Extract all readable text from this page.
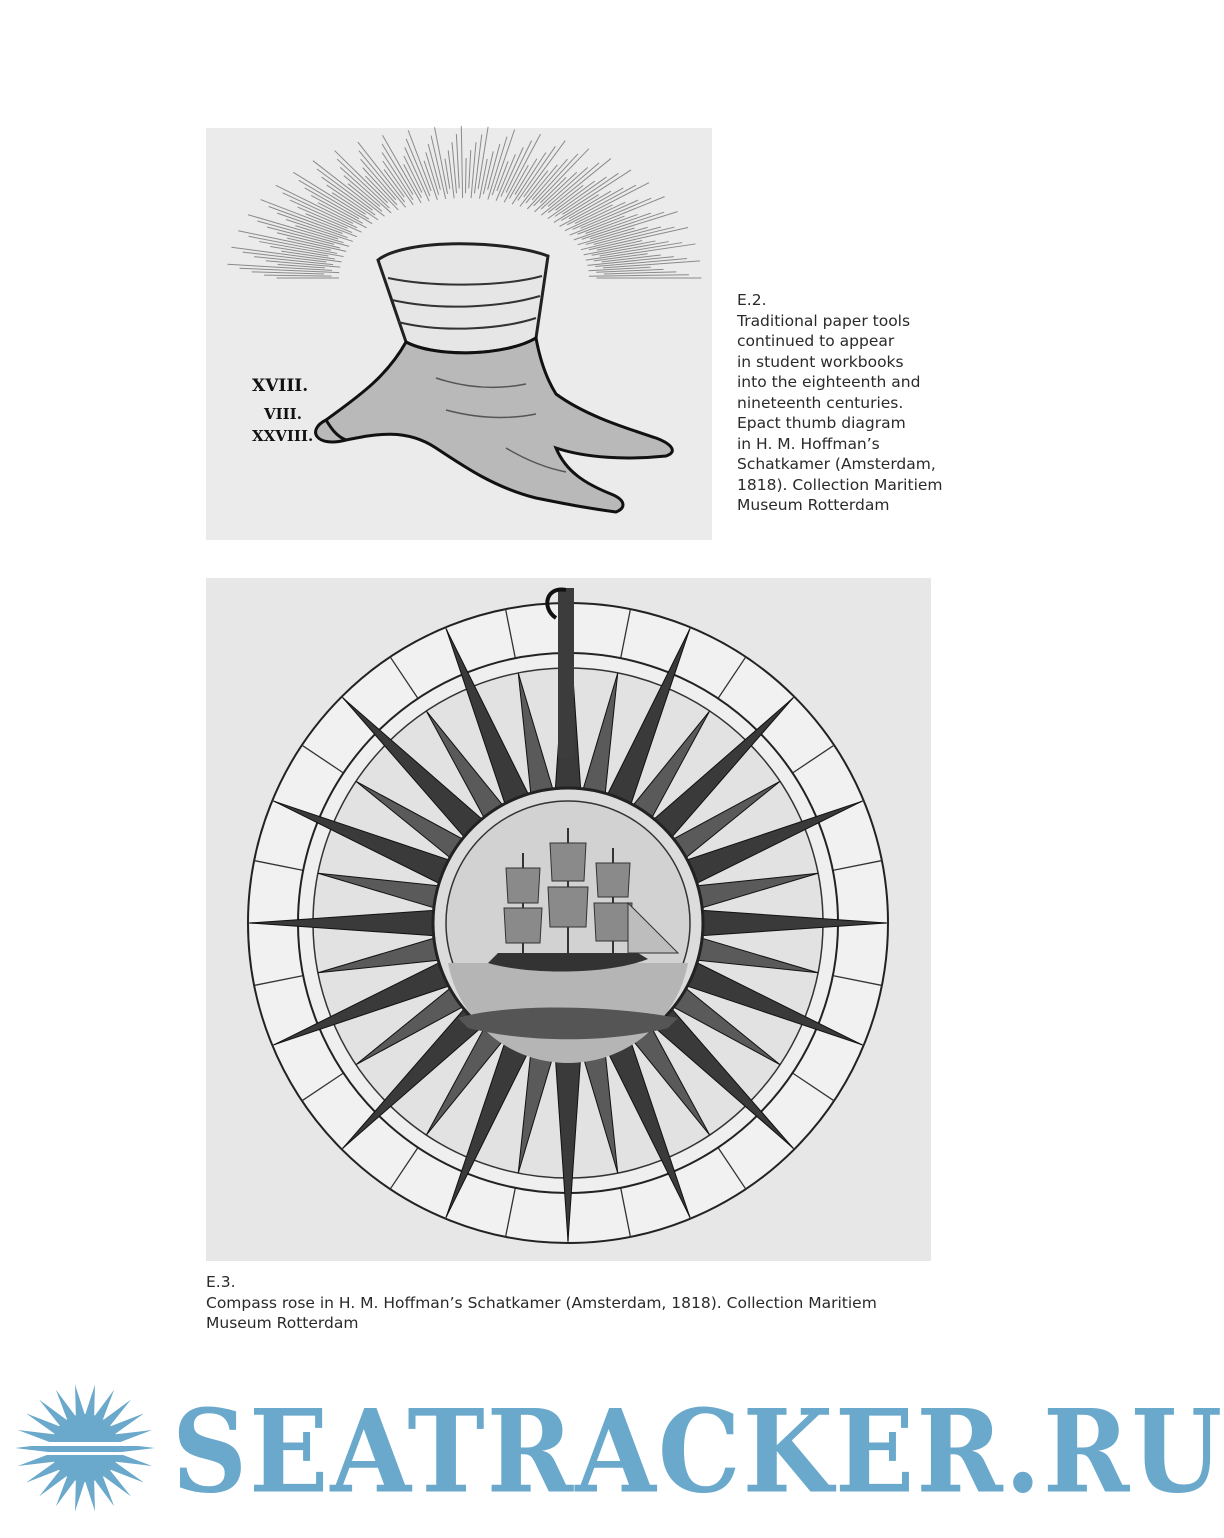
XVIII.
VIII.
XXVIII.
E.2.
Traditional paper tools
continued to appear
in student workbooks
into the eighteenth and
nineteenth centuries.
Epact thumb diagram
in H. M. Hoffman’s
Schatkamer (Amsterdam,
1818). Collection Maritiem
Museum Rotterdam
E.3.
Compass rose in H. M. Hoffman’s Schatkamer (Amsterdam, 1818). Collection Maritiem
Museum Rotterdam
SEATRACKER.RU
